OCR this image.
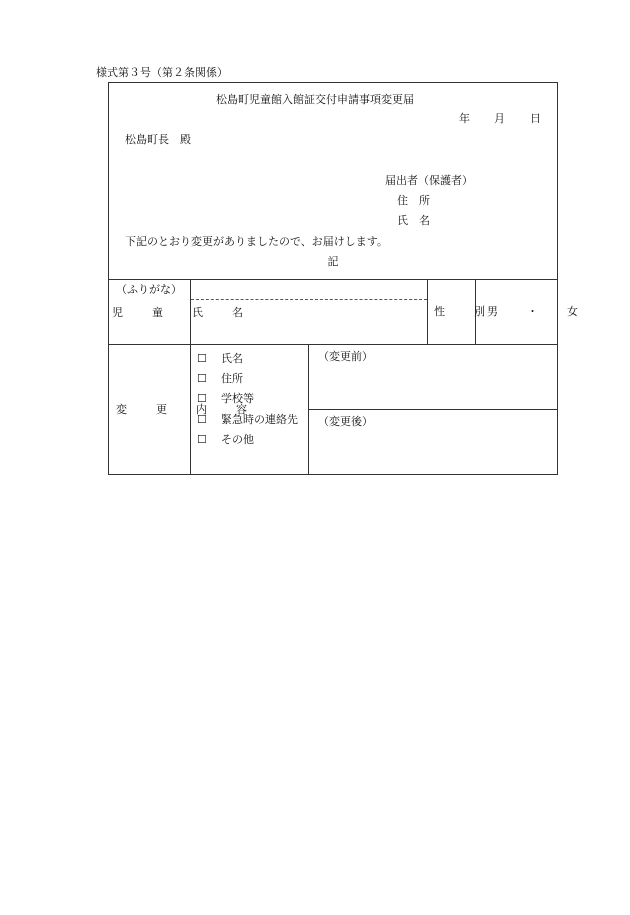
様式第３号（第２条関係）
松島町児童館入館証交付申請事項変更届
年 月 日
松島町長　殿
届出者（保護者）
住　所
氏　名
下記のとおり変更がありましたので、お届けします。
記
（ふりがな）
児　童　氏　名	性　別
男　・　女
変　更　内　容
☐ 氏名
☐ 住所
☐ 学校等
☐ 緊急時の連絡先
☐ その他
（変更前）
（変更後）
